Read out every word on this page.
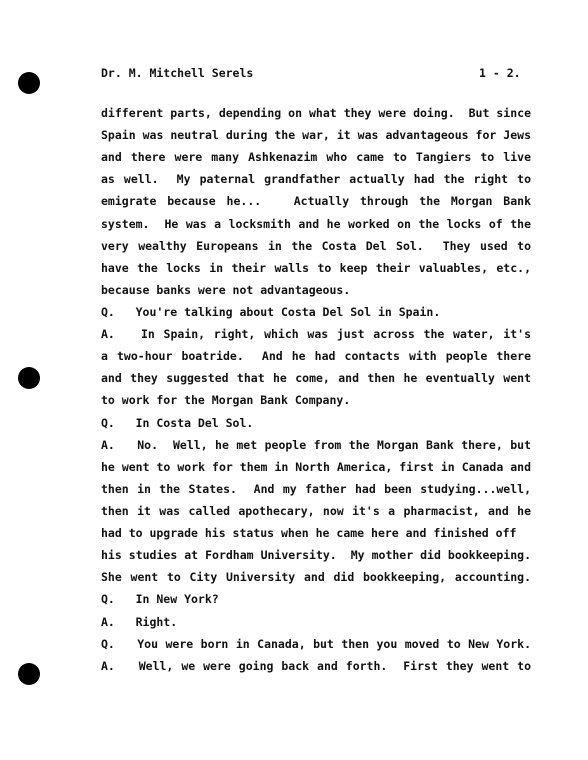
Dr. M. Mitchell Serels	1 - 2.
different parts, depending on what they were doing.  But since
Spain was neutral during the war, it was advantageous for Jews
and there were many Ashkenazim who came to Tangiers to live
as well.  My paternal grandfather actually had the right to
emigrate because he...   Actually through the Morgan Bank
system.  He was a locksmith and he worked on the locks of the
very wealthy Europeans in the Costa Del Sol.  They used to
have the locks in their walls to keep their valuables, etc.,
because banks were not advantageous.
Q.   You're talking about Costa Del Sol in Spain.
A.   In Spain, right, which was just across the water, it's
a two-hour boatride.  And he had contacts with people there
and they suggested that he come, and then he eventually went
to work for the Morgan Bank Company.
Q.   In Costa Del Sol.
A.   No.  Well, he met people from the Morgan Bank there, but
he went to work for them in North America, first in Canada and
then in the States.  And my father had been studying...well,
then it was called apothecary, now it's a pharmacist, and he
had to upgrade his status when he came here and finished off
his studies at Fordham University.  My mother did bookkeeping.
She went to City University and did bookkeeping, accounting.
Q.   In New York?
A.   Right.
Q.   You were born in Canada, but then you moved to New York.
A.   Well, we were going back and forth.  First they went to
